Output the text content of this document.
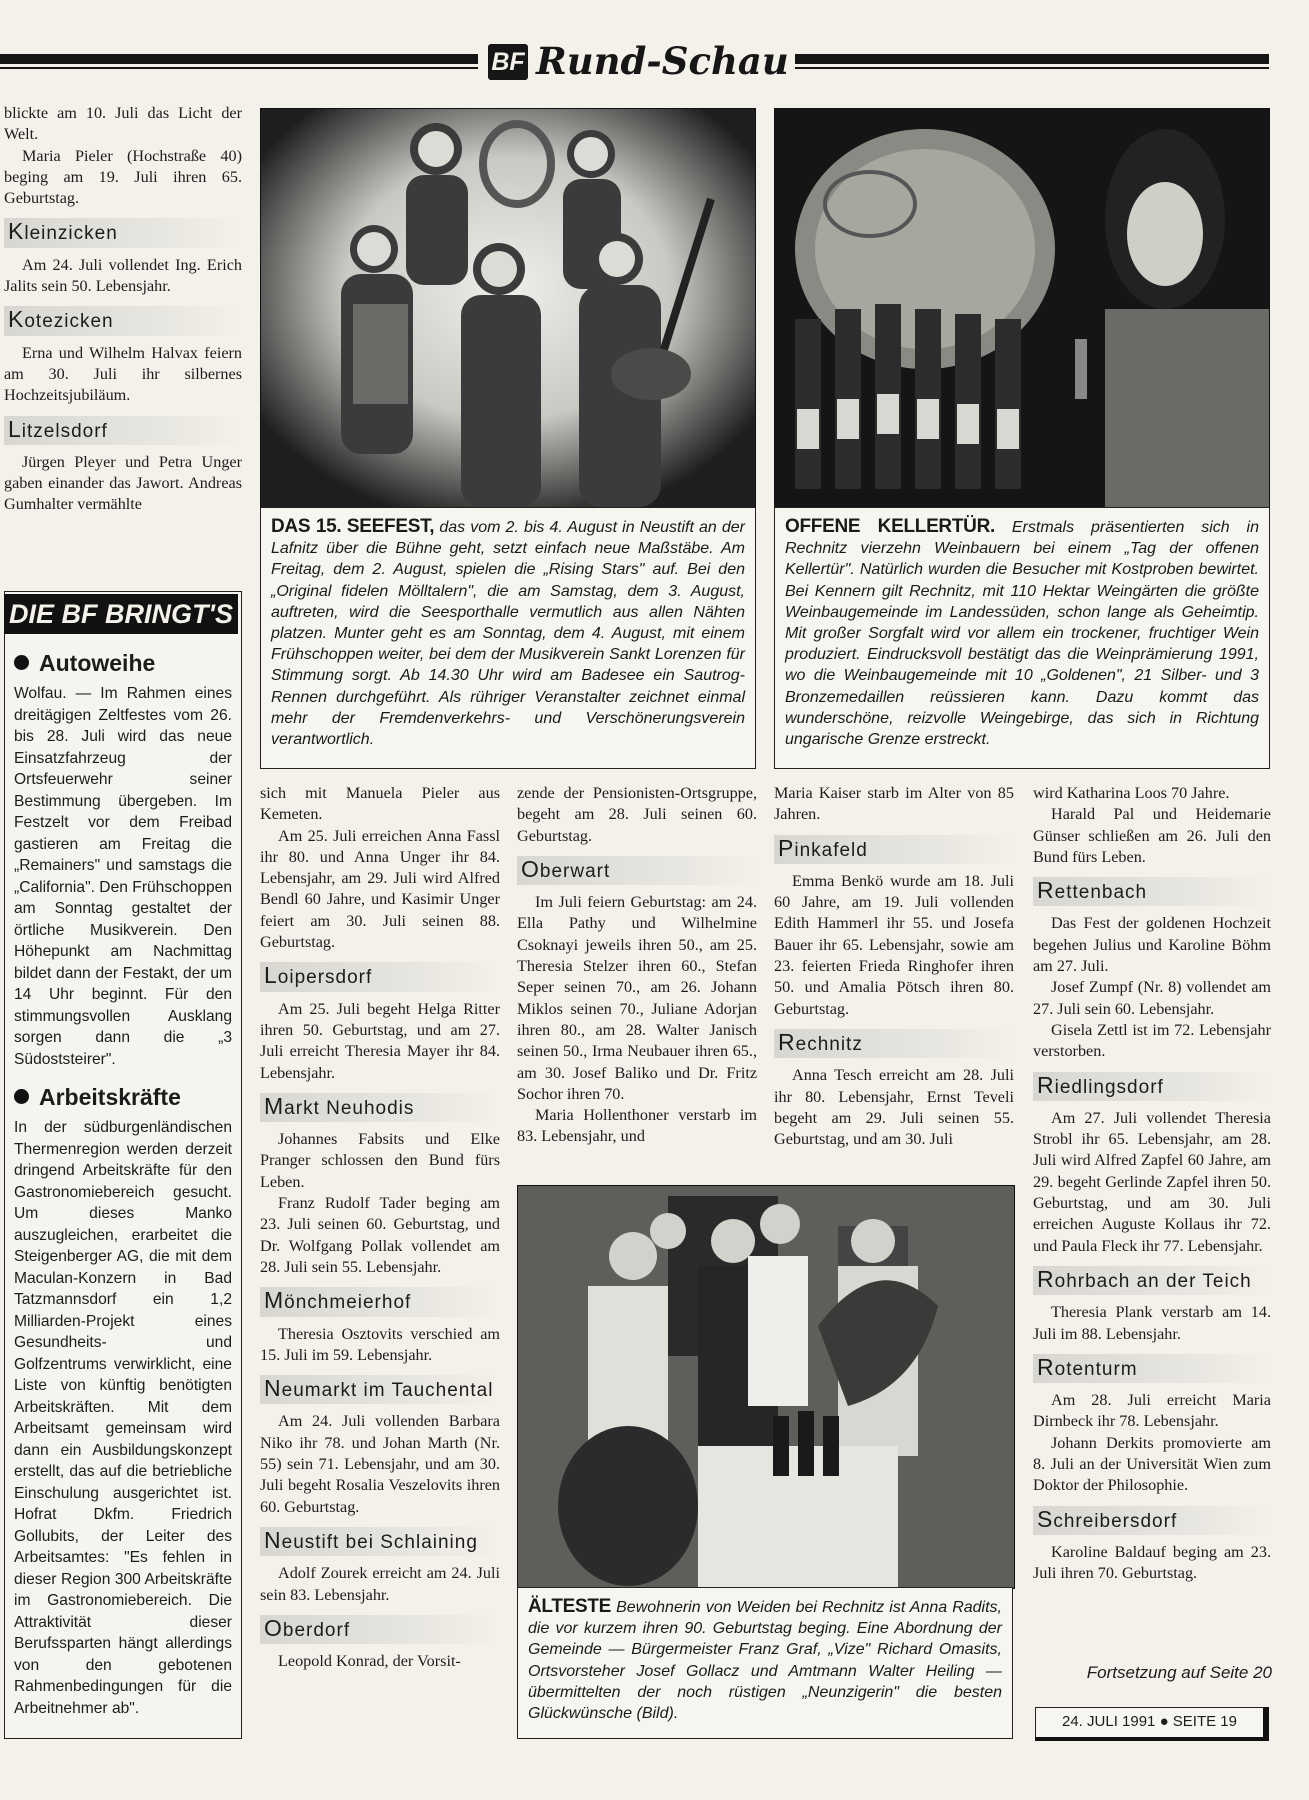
BF Rund-Schau

blickte am 10. Juli das Licht der Welt.

Maria Pieler (Hochstraße 40) beging am 19. Juli ihren 65. Geburtstag.

Kleinzicken

Am 24. Juli vollendet Ing. Erich Jalits sein 50. Lebensjahr.

Kotezicken

Erna und Wilhelm Halvax feiern am 30. Juli ihr silbernes Hochzeitsjubiläum.

Litzelsdorf

Jürgen Pleyer und Petra Unger gaben einander das Jawort. Andreas Gumhalter vermählte

DIE BF BRINGT'S
Autoweihe
Wolfau. — Im Rahmen eines dreitägigen Zeltfestes vom 26. bis 28. Juli wird das neue Einsatzfahrzeug der Ortsfeuerwehr seiner Bestimmung übergeben. Im Festzelt vor dem Freibad gastieren am Freitag die „Remainers" und samstags die „California". Den Frühschoppen am Sonntag gestaltet der örtliche Musikverein. Den Höhepunkt am Nachmittag bildet dann der Festakt, der um 14 Uhr beginnt. Für den stimmungsvollen Ausklang sorgen dann die „3 Südoststeirer".
Arbeitskräfte
In der südburgenländischen Thermenregion werden derzeit dringend Arbeitskräfte für den Gastronomiebereich gesucht. Um dieses Manko auszugleichen, erarbeitet die Steigenberger AG, die mit dem Maculan-Konzern in Bad Tatzmannsdorf ein 1,2 Milliarden-Projekt eines Gesundheits- und Golfzentrums verwirklicht, eine Liste von künftig benötigten Arbeitskräften. Mit dem Arbeitsamt gemeinsam wird dann ein Ausbildungskonzept erstellt, das auf die betriebliche Einschulung ausgerichtet ist. Hofrat Dkfm. Friedrich Gollubits, der Leiter des Arbeitsamtes: "Es fehlen in dieser Region 300 Arbeitskräfte im Gastronomiebereich. Die Attraktivität dieser Berufssparten hängt allerdings von den gebotenen Rahmenbedingungen für die Arbeitnehmer ab".
DAS 15. SEEFEST, das vom 2. bis 4. August in Neustift an der Lafnitz über die Bühne geht, setzt einfach neue Maßstäbe. Am Freitag, dem 2. August, spielen die „Rising Stars" auf. Bei den „Original fidelen Mölltalern", die am Samstag, dem 3. August, auftreten, wird die Seesporthalle vermutlich aus allen Nähten platzen. Munter geht es am Sonntag, dem 4. August, mit einem Frühschoppen weiter, bei dem der Musikverein Sankt Lorenzen für Stimmung sorgt. Ab 14.30 Uhr wird am Badesee ein Sautrog-Rennen durchgeführt. Als rühriger Veranstalter zeichnet einmal mehr der Fremdenverkehrs- und Verschönerungsverein verantwortlich.
OFFENE KELLERTÜR. Erstmals präsentierten sich in Rechnitz vierzehn Weinbauern bei einem „Tag der offenen Kellertür". Natürlich wurden die Besucher mit Kostproben bewirtet. Bei Kennern gilt Rechnitz, mit 110 Hektar Weingärten die größte Weinbaugemeinde im Landessüden, schon lange als Geheimtip. Mit großer Sorgfalt wird vor allem ein trockener, fruchtiger Wein produziert. Eindrucksvoll bestätigt das die Weinprämierung 1991, wo die Weinbaugemeinde mit 10 „Goldenen", 21 Silber- und 3 Bronzemedaillen reüssieren kann. Dazu kommt das wunderschöne, reizvolle Weingebirge, das sich in Richtung ungarische Grenze erstreckt.

sich mit Manuela Pieler aus Kemeten.

Am 25. Juli erreichen Anna Fassl ihr 80. und Anna Unger ihr 84. Lebensjahr, am 29. Juli wird Alfred Bendl 60 Jahre, und Kasimir Unger feiert am 30. Juli seinen 88. Geburtstag.

Loipersdorf

Am 25. Juli begeht Helga Ritter ihren 50. Geburtstag, und am 27. Juli erreicht Theresia Mayer ihr 84. Lebensjahr.

Markt Neuhodis

Johannes Fabsits und Elke Pranger schlossen den Bund fürs Leben.

Franz Rudolf Tader beging am 23. Juli seinen 60. Geburtstag, und Dr. Wolfgang Pollak vollendet am 28. Juli sein 55. Lebensjahr.

Mönchmeierhof

Theresia Osztovits verschied am 15. Juli im 59. Lebensjahr.

Neumarkt im Tauchental

Am 24. Juli vollenden Barbara Niko ihr 78. und Johan Marth (Nr. 55) sein 71. Lebensjahr, und am 30. Juli begeht Rosalia Veszelovits ihren 60. Geburtstag.

Neustift bei Schlaining

Adolf Zourek erreicht am 24. Juli sein 83. Lebensjahr.

Oberdorf

Leopold Konrad, der Vorsit-

zende der Pensionisten-Ortsgruppe, begeht am 28. Juli seinen 60. Geburtstag.

Oberwart

Im Juli feiern Geburtstag: am 24. Ella Pathy und Wilhelmine Csoknayi jeweils ihren 50., am 25. Theresia Stelzer ihren 60., Stefan Seper seinen 70., am 26. Johann Miklos seinen 70., Juliane Adorjan ihren 80., am 28. Walter Janisch seinen 50., Irma Neubauer ihren 65., am 30. Josef Baliko und Dr. Fritz Sochor ihren 70.

Maria Hollenthoner verstarb im 83. Lebensjahr, und

Maria Kaiser starb im Alter von 85 Jahren.

Pinkafeld

Emma Benkö wurde am 18. Juli 60 Jahre, am 19. Juli vollenden Edith Hammerl ihr 55. und Josefa Bauer ihr 65. Lebensjahr, sowie am 23. feierten Frieda Ringhofer ihren 50. und Amalia Pötsch ihren 80. Geburtstag.

Rechnitz

Anna Tesch erreicht am 28. Juli ihr 80. Lebensjahr, Ernst Teveli begeht am 29. Juli seinen 55. Geburtstag, und am 30. Juli

ÄLTESTE Bewohnerin von Weiden bei Rechnitz ist Anna Radits, die vor kurzem ihren 90. Geburtstag beging. Eine Abordnung der Gemeinde — Bürgermeister Franz Graf, „Vize" Richard Omasits, Ortsvorsteher Josef Gollacz und Amtmann Walter Heiling — übermittelten der noch rüstigen „Neunzigerin" die besten Glückwünsche (Bild).

wird Katharina Loos 70 Jahre.

Harald Pal und Heidemarie Günser schließen am 26. Juli den Bund fürs Leben.

Rettenbach

Das Fest der goldenen Hochzeit begehen Julius und Karoline Böhm am 27. Juli.

Josef Zumpf (Nr. 8) vollendet am 27. Juli sein 60. Lebensjahr.

Gisela Zettl ist im 72. Lebensjahr verstorben.

Riedlingsdorf

Am 27. Juli vollendet Theresia Strobl ihr 65. Lebensjahr, am 28. Juli wird Alfred Zapfel 60 Jahre, am 29. begeht Gerlinde Zapfel ihren 50. Geburtstag, und am 30. Juli erreichen Auguste Kollaus ihr 72. und Paula Fleck ihr 77. Lebensjahr.

Rohrbach an der Teich

Theresia Plank verstarb am 14. Juli im 88. Lebensjahr.

Rotenturm

Am 28. Juli erreicht Maria Dirnbeck ihr 78. Lebensjahr.

Johann Derkits promovierte am 8. Juli an der Universität Wien zum Doktor der Philosophie.

Schreibersdorf

Karoline Baldauf beging am 23. Juli ihren 70. Geburtstag.

Fortsetzung auf Seite 20
24. JULI 1991 ● SEITE 19
